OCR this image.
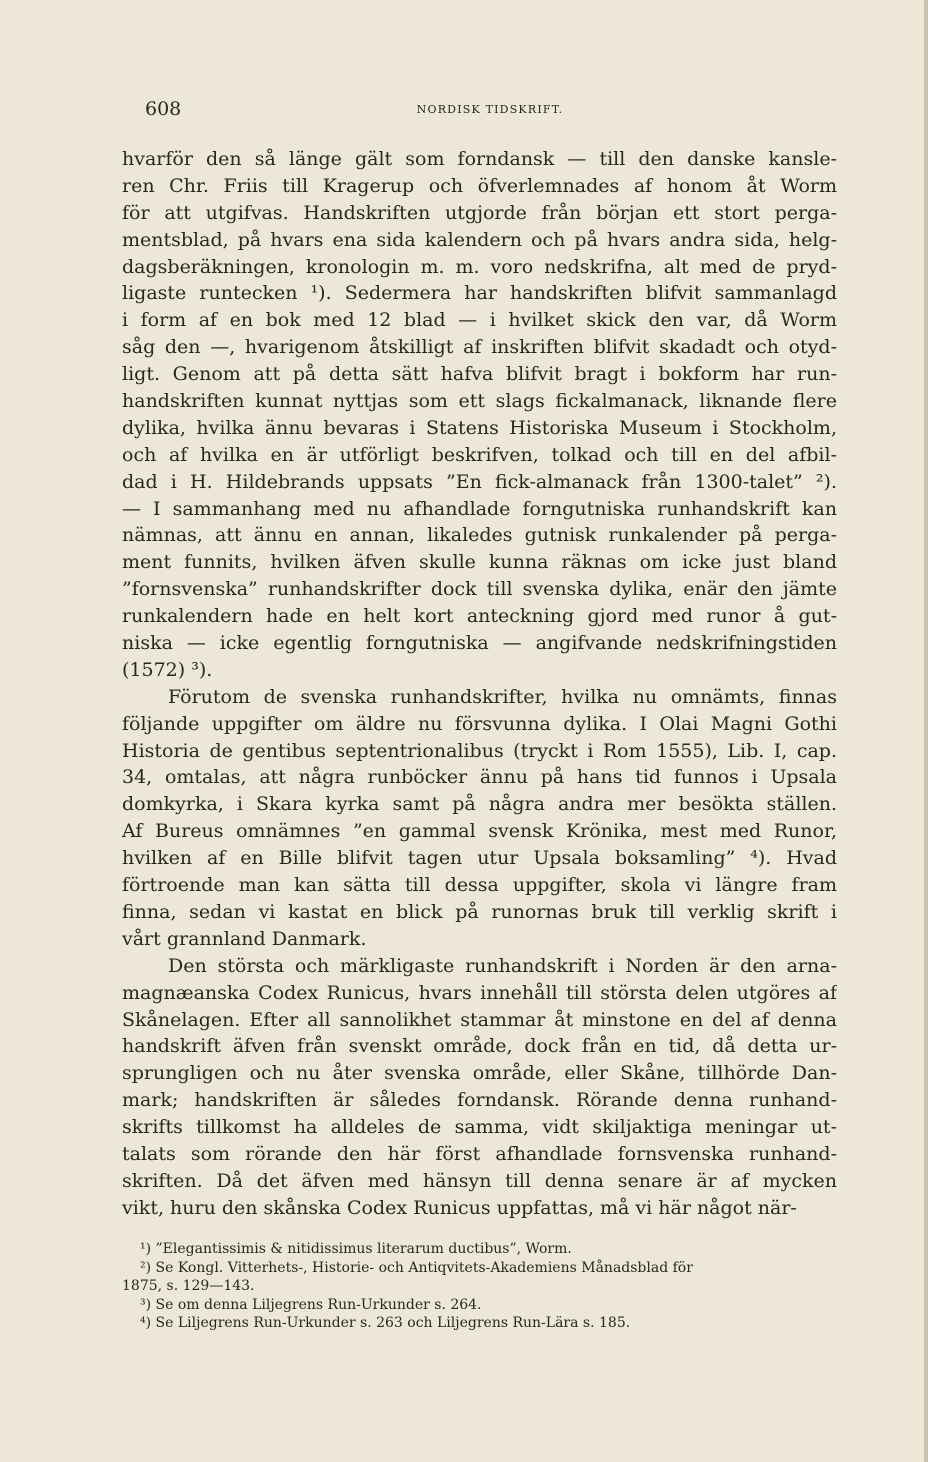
608	NORDISK TIDSKRIFT.
hvarför den så länge gält som forndansk — till den danske kansle-
ren Chr. Friis till Kragerup och öfverlemnades af honom åt Worm
för att utgifvas. Handskriften utgjorde från början ett stort perga-
mentsblad, på hvars ena sida kalendern och på hvars andra sida, helg-
dagsberäkningen, kronologin m. m. voro nedskrifna, alt med de pryd-
ligaste runtecken ¹). Sedermera har handskriften blifvit sammanlagd
i form af en bok med 12 blad — i hvilket skick den var, då Worm
såg den —, hvarigenom åtskilligt af inskriften blifvit skadadt och otyd-
ligt. Genom att på detta sätt hafva blifvit bragt i bokform har run-
handskriften kunnat nyttjas som ett slags fickalmanack, liknande flere
dylika, hvilka ännu bevaras i Statens Historiska Museum i Stockholm,
och af hvilka en är utförligt beskrifven, tolkad och till en del afbil-
dad i H. Hildebrands uppsats ”En fick-almanack från 1300-talet” ²).
— I sammanhang med nu afhandlade forngutniska runhandskrift kan
nämnas, att ännu en annan, likaledes gutnisk runkalender på perga-
ment funnits, hvilken äfven skulle kunna räknas om icke just bland
”fornsvenska” runhandskrifter dock till svenska dylika, enär den jämte
runkalendern hade en helt kort anteckning gjord med runor å gut-
niska — icke egentlig forngutniska — angifvande nedskrifningstiden
(1572) ³).
Förutom de svenska runhandskrifter, hvilka nu omnämts, finnas
följande uppgifter om äldre nu försvunna dylika. I Olai Magni Gothi
Historia de gentibus septentrionalibus (tryckt i Rom 1555), Lib. I, cap.
34, omtalas, att några runböcker ännu på hans tid funnos i Upsala
domkyrka, i Skara kyrka samt på några andra mer besökta ställen.
Af Bureus omnämnes ”en gammal svensk Krönika, mest med Runor,
hvilken af en Bille blifvit tagen utur Upsala boksamling” ⁴). Hvad
förtroende man kan sätta till dessa uppgifter, skola vi längre fram
finna, sedan vi kastat en blick på runornas bruk till verklig skrift i
vårt grannland Danmark.
Den största och märkligaste runhandskrift i Norden är den arna-
magnæanska Codex Runicus, hvars innehåll till största delen utgöres af
Skånelagen. Efter all sannolikhet stammar åt minstone en del af denna
handskrift äfven från svenskt område, dock från en tid, då detta ur-
sprungligen och nu åter svenska område, eller Skåne, tillhörde Dan-
mark; handskriften är således forndansk. Rörande denna runhand-
skrifts tillkomst ha alldeles de samma, vidt skiljaktiga meningar ut-
talats som rörande den här först afhandlade fornsvenska runhand-
skriften. Då det äfven med hänsyn till denna senare är af mycken
vikt, huru den skånska Codex Runicus uppfattas, må vi här något när-
¹) ”Elegantissimis & nitidissimus literarum ductibus”, Worm.
²) Se Kongl. Vitterhets-, Historie- och Antiqvitets-Akademiens Månadsblad för
1875, s. 129—143.
³) Se om denna Liljegrens Run-Urkunder s. 264.
⁴) Se Liljegrens Run-Urkunder s. 263 och Liljegrens Run-Lära s. 185.
